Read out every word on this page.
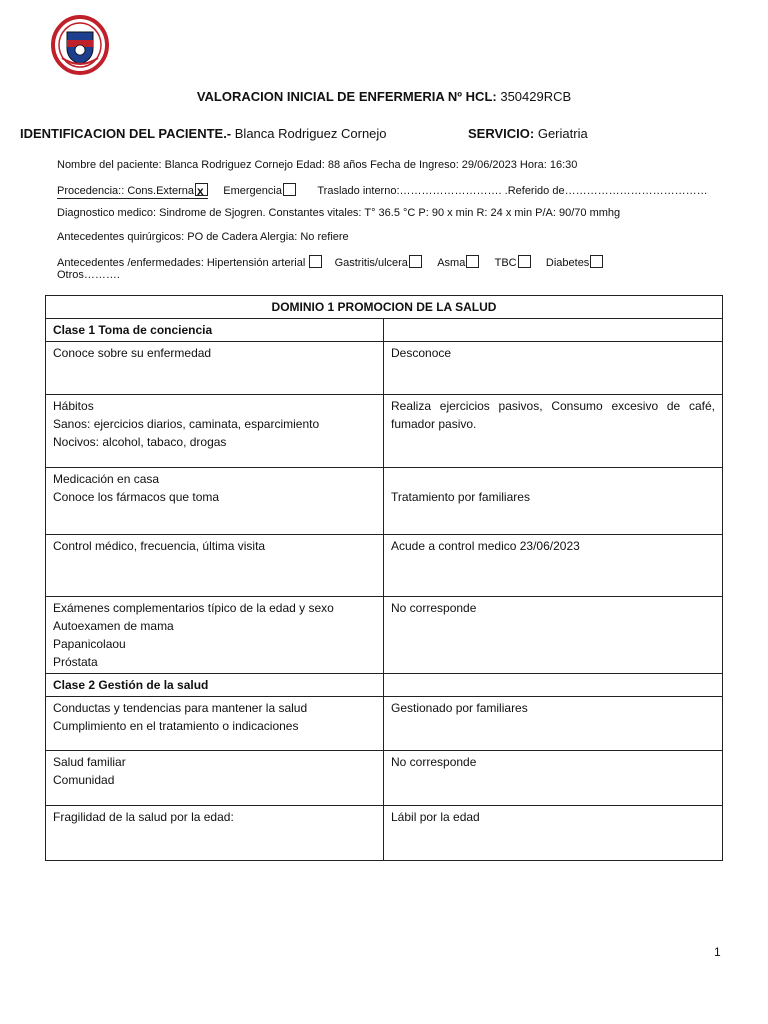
VALORACION INICIAL DE ENFERMERIA Nº HCL: 350429RCB
IDENTIFICACION DEL PACIENTE.- Blanca Rodriguez Cornejo	SERVICIO: Geriatria
Nombre del paciente: Blanca Rodriguez Cornejo Edad: 88 años Fecha de Ingreso: 29/06/2023 Hora: 16:30
Procedencia:: Cons.Externa x	Emergencia	Traslado interno:………………………. .Referido de…………………………………
Diagnostico medico: Sindrome de Sjogren. Constantes vitales: T° 36.5 °C P: 90 x min R: 24 x min P/A: 90/70 mmhg
Antecedentes quirúrgicos: PO de Cadera Alergia: No refiere
Antecedentes /enfermedades: Hipertensión arterial	Gastritis/ulcera	Asma	TBC	Diabetes
Otros……….
DOMINIO 1 PROMOCION DE LA SALUD	
Clase 1 Toma de conciencia	
Conoce sobre su enfermedad	Desconoce

Hábitos
Sanos: ejercicios diarios, caminata, esparcimiento
Nocivos: alcohol, tabaco, drogas	Realiza ejercicios pasivos, Consumo excesivo de café, fumador pasivo.

Medicación en casa
Conoce los fármacos que toma	Tratamiento por familiares

Control médico, frecuencia, última visita	Acude a control medico 23/06/2023

Exámenes complementarios típico de la edad y sexo
Autoexamen de mama
Papanicolaou
Próstata	No corresponde
Clase 2 Gestión de la salud	

Conductas y tendencias para mantener la salud
Cumplimiento en el tratamiento o indicaciones	Gestionado por familiares

Salud familiar
Comunidad	No corresponde
Fragilidad de la salud por la edad:	Lábil por la edad
1
